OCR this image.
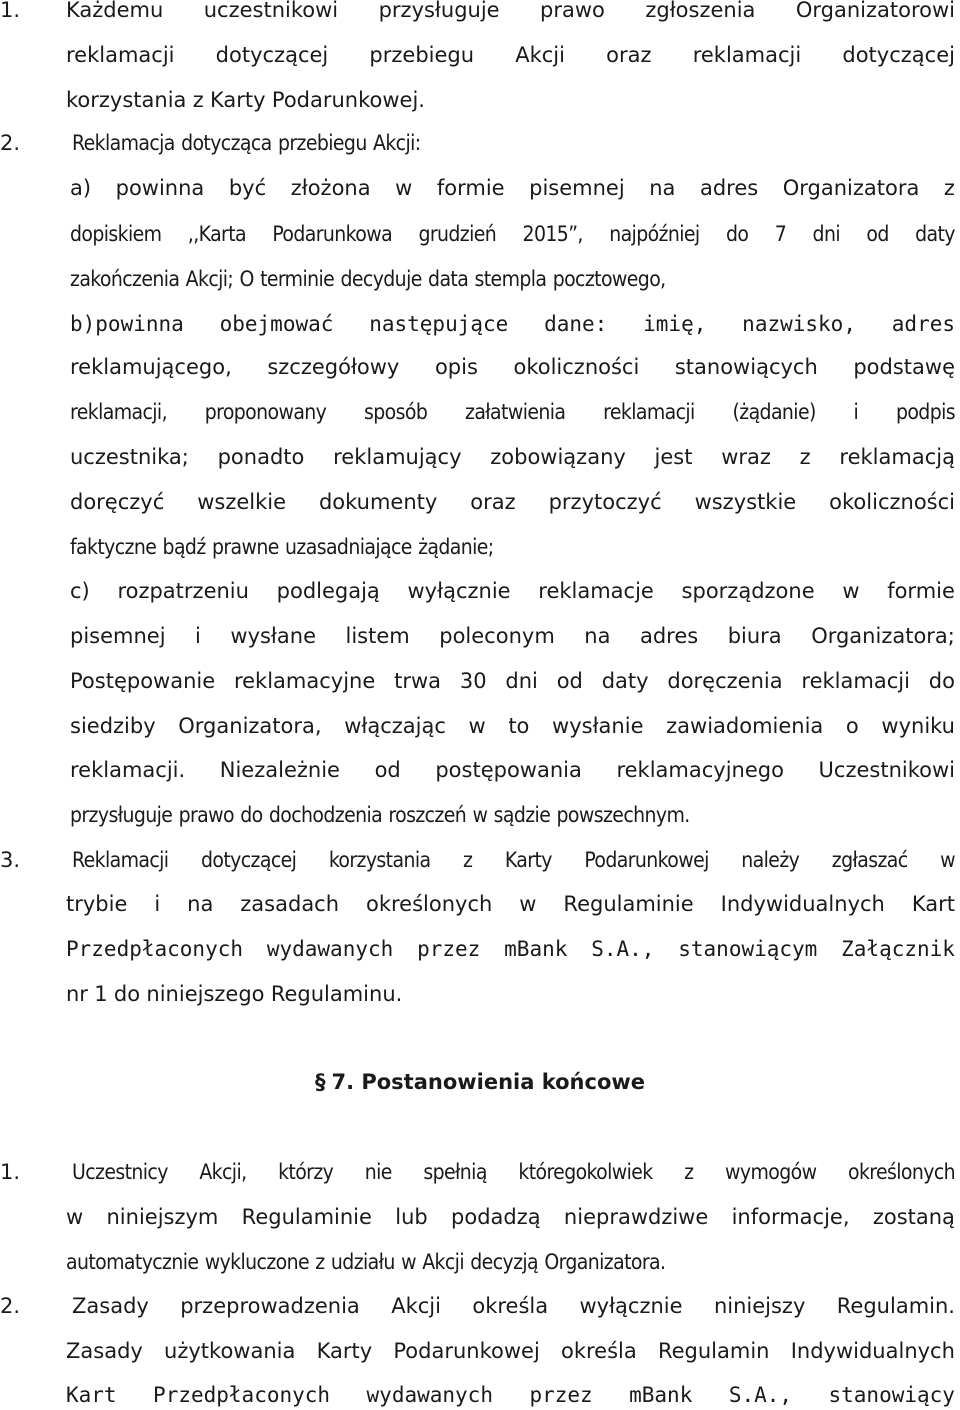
1. Każdemu uczestnikowi przysługuje prawo zgłoszenia Organizatorowi
reklamacji dotyczącej przebiegu Akcji oraz reklamacji dotyczącej
korzystania z Karty Podarunkowej.
2. Reklamacja dotycząca przebiegu Akcji:
a) powinna być złożona w formie pisemnej na adres Organizatora z
dopiskiem ,,Karta Podarunkowa grudzień 2015”, najpóźniej do 7 dni od daty
zakończenia Akcji; O terminie decyduje data stempla pocztowego,
b)powinna obejmować następujące dane: imię, nazwisko, adres
reklamującego, szczegółowy opis okoliczności stanowiących podstawę
reklamacji, proponowany sposób załatwienia reklamacji (żądanie) i podpis
uczestnika; ponadto reklamujący zobowiązany jest wraz z reklamacją
doręczyć wszelkie dokumenty oraz przytoczyć wszystkie okoliczności
faktyczne bądź prawne uzasadniające żądanie;
c) rozpatrzeniu podlegają wyłącznie reklamacje sporządzone w formie
pisemnej i wysłane listem poleconym na adres biura Organizatora;
Postępowanie reklamacyjne trwa 30 dni od daty doręczenia reklamacji do
siedziby Organizatora, włączając w to wysłanie zawiadomienia o wyniku
reklamacji. Niezależnie od postępowania reklamacyjnego Uczestnikowi
przysługuje prawo do dochodzenia roszczeń w sądzie powszechnym.
3. Reklamacji dotyczącej korzystania z Karty Podarunkowej należy zgłaszać w
trybie i na zasadach określonych w Regulaminie Indywidualnych Kart
Przedpłaconych wydawanych przez mBank S.A., stanowiącym Załącznik
nr 1 do niniejszego Regulaminu.
1. Uczestnicy Akcji, którzy nie spełnią któregokolwiek z wymogów określonych
w niniejszym Regulaminie lub podadzą nieprawdziwe informacje, zostaną
automatycznie wykluczone z udziału w Akcji decyzją Organizatora.
2. Zasady przeprowadzenia Akcji określa wyłącznie niniejszy Regulamin.
Zasady użytkowania Karty Podarunkowej określa Regulamin Indywidualnych
Kart Przedpłaconych wydawanych przez mBank S.A., stanowiący
§ 7. Postanowienia końcowe
